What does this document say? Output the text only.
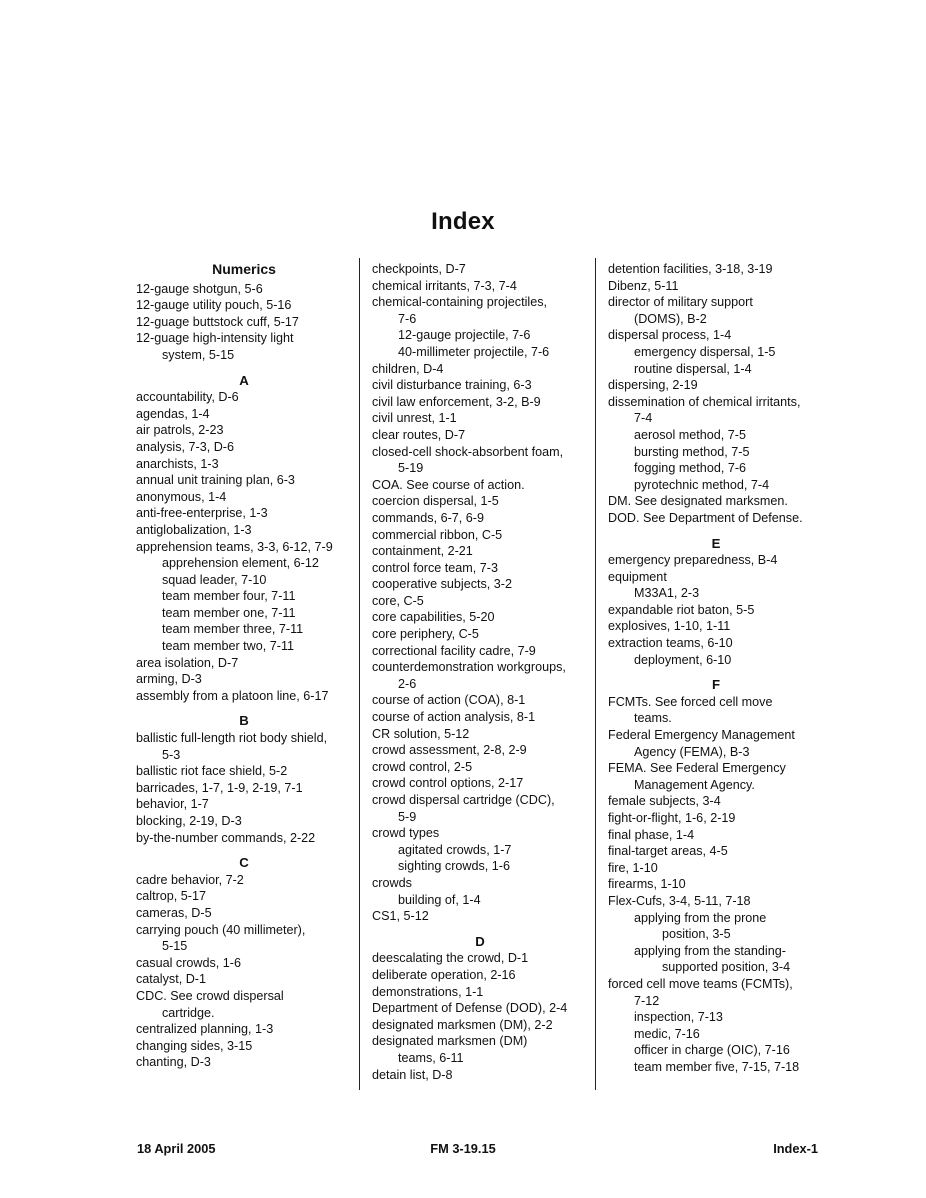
Index
Numerics
12-gauge shotgun, 5-6
12-gauge utility pouch, 5-16
12-guage buttstock cuff, 5-17
12-guage high-intensity light
system, 5-15
A
accountability, D-6
agendas, 1-4
air patrols, 2-23
analysis, 7-3, D-6
anarchists, 1-3
annual unit training plan, 6-3
anonymous, 1-4
anti-free-enterprise, 1-3
antiglobalization, 1-3
apprehension teams, 3-3, 6-12, 7-9
apprehension element, 6-12
squad leader, 7-10
team member four, 7-11
team member one, 7-11
team member three, 7-11
team member two, 7-11
area isolation, D-7
arming, D-3
assembly from a platoon line, 6-17
B
ballistic full-length riot body shield,
5-3
ballistic riot face shield, 5-2
barricades, 1-7, 1-9, 2-19, 7-1
behavior, 1-7
blocking, 2-19, D-3
by-the-number commands, 2-22
C
cadre behavior, 7-2
caltrop, 5-17
cameras, D-5
carrying pouch (40 millimeter),
5-15
casual crowds, 1-6
catalyst, D-1
CDC. See crowd dispersal
cartridge.
centralized planning, 1-3
changing sides, 3-15
chanting, D-3
checkpoints, D-7
chemical irritants, 7-3, 7-4
chemical-containing projectiles,
7-6
12-gauge projectile, 7-6
40-millimeter projectile, 7-6
children, D-4
civil disturbance training, 6-3
civil law enforcement, 3-2, B-9
civil unrest, 1-1
clear routes, D-7
closed-cell shock-absorbent foam,
5-19
COA. See course of action.
coercion dispersal, 1-5
commands, 6-7, 6-9
commercial ribbon, C-5
containment, 2-21
control force team, 7-3
cooperative subjects, 3-2
core, C-5
core capabilities, 5-20
core periphery, C-5
correctional facility cadre, 7-9
counterdemonstration workgroups,
2-6
course of action (COA), 8-1
course of action analysis, 8-1
CR solution, 5-12
crowd assessment, 2-8, 2-9
crowd control, 2-5
crowd control options, 2-17
crowd dispersal cartridge (CDC),
5-9
crowd types
agitated crowds, 1-7
sighting crowds, 1-6
crowds
building of, 1-4
CS1, 5-12
D
deescalating the crowd, D-1
deliberate operation, 2-16
demonstrations, 1-1
Department of Defense (DOD), 2-4
designated marksmen (DM), 2-2
designated marksmen (DM)
teams, 6-11
detain list, D-8
detention facilities, 3-18, 3-19
Dibenz, 5-11
director of military support
(DOMS), B-2
dispersal process, 1-4
emergency dispersal, 1-5
routine dispersal, 1-4
dispersing, 2-19
dissemination of chemical irritants,
7-4
aerosol method, 7-5
bursting method, 7-5
fogging method, 7-6
pyrotechnic method, 7-4
DM. See designated marksmen.
DOD. See Department of Defense.
E
emergency preparedness, B-4
equipment
M33A1, 2-3
expandable riot baton, 5-5
explosives, 1-10, 1-11
extraction teams, 6-10
deployment, 6-10
F
FCMTs. See forced cell move
teams.
Federal Emergency Management
Agency (FEMA), B-3
FEMA. See Federal Emergency
Management Agency.
female subjects, 3-4
fight-or-flight, 1-6, 2-19
final phase, 1-4
final-target areas, 4-5
fire, 1-10
firearms, 1-10
Flex-Cufs, 3-4, 5-11, 7-18
applying from the prone
position, 3-5
applying from the standing-
supported position, 3-4
forced cell move teams (FCMTs),
7-12
inspection, 7-13
medic, 7-16
officer in charge (OIC), 7-16
team member five, 7-15, 7-18
18 April 2005	FM 3-19.15	Index-1
